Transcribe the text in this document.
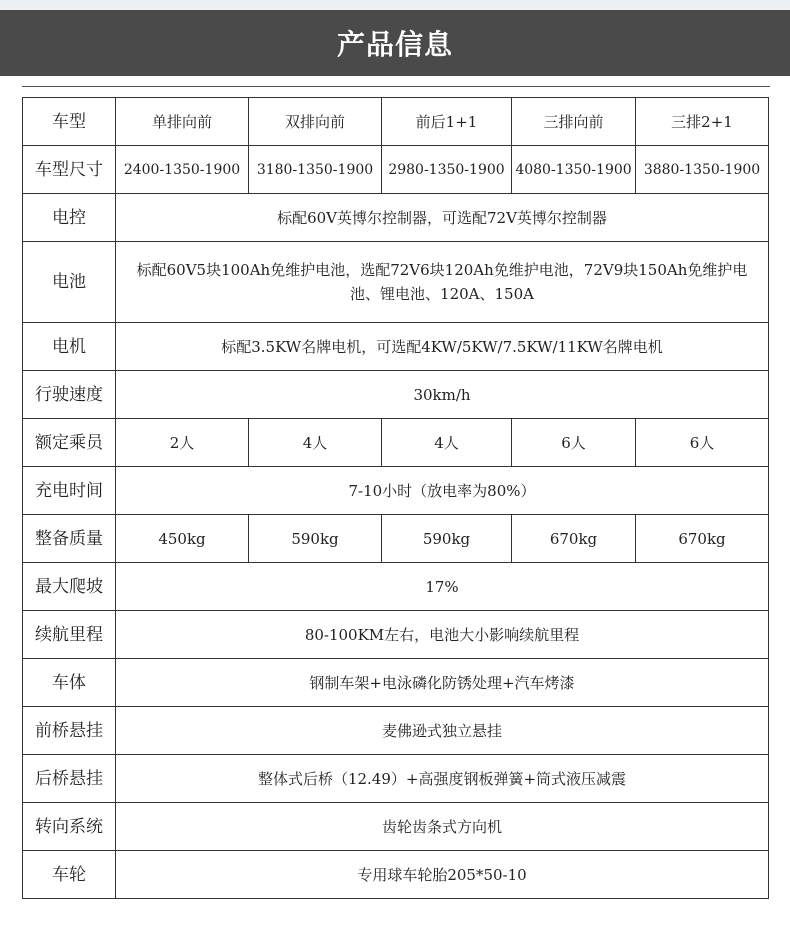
产品信息
车型	单排向前	双排向前	前后1+1	三排向前	三排2+1
车型尺寸	2400-1350-1900	3180-1350-1900	2980-1350-1900	4080-1350-1900	3880-1350-1900
电控	标配60V英博尔控制器，可选配72V英博尔控制器				
电池	标配60V5块100Ah免维护电池，选配72V6块120Ah免维护电池，72V9块150Ah免维护电池、锂电池、120A、150A				
电机	标配3.5KW名牌电机，可选配4KW/5KW/7.5KW/11KW名牌电机				
行驶速度	30km/h				
额定乘员	2人	4人	4人	6人	6人
充电时间	7-10小时（放电率为80%）				
整备质量	450kg	590kg	590kg	670kg	670kg
最大爬坡	17%				
续航里程	80-100KM左右，电池大小影响续航里程				
车体	钢制车架+电泳磷化防锈处理+汽车烤漆				
前桥悬挂	麦佛逊式独立悬挂				
后桥悬挂	整体式后桥（12.49）+高强度钢板弹簧+筒式液压减震				
转向系统	齿轮齿条式方向机				
车轮	专用球车轮胎205*50-10				
